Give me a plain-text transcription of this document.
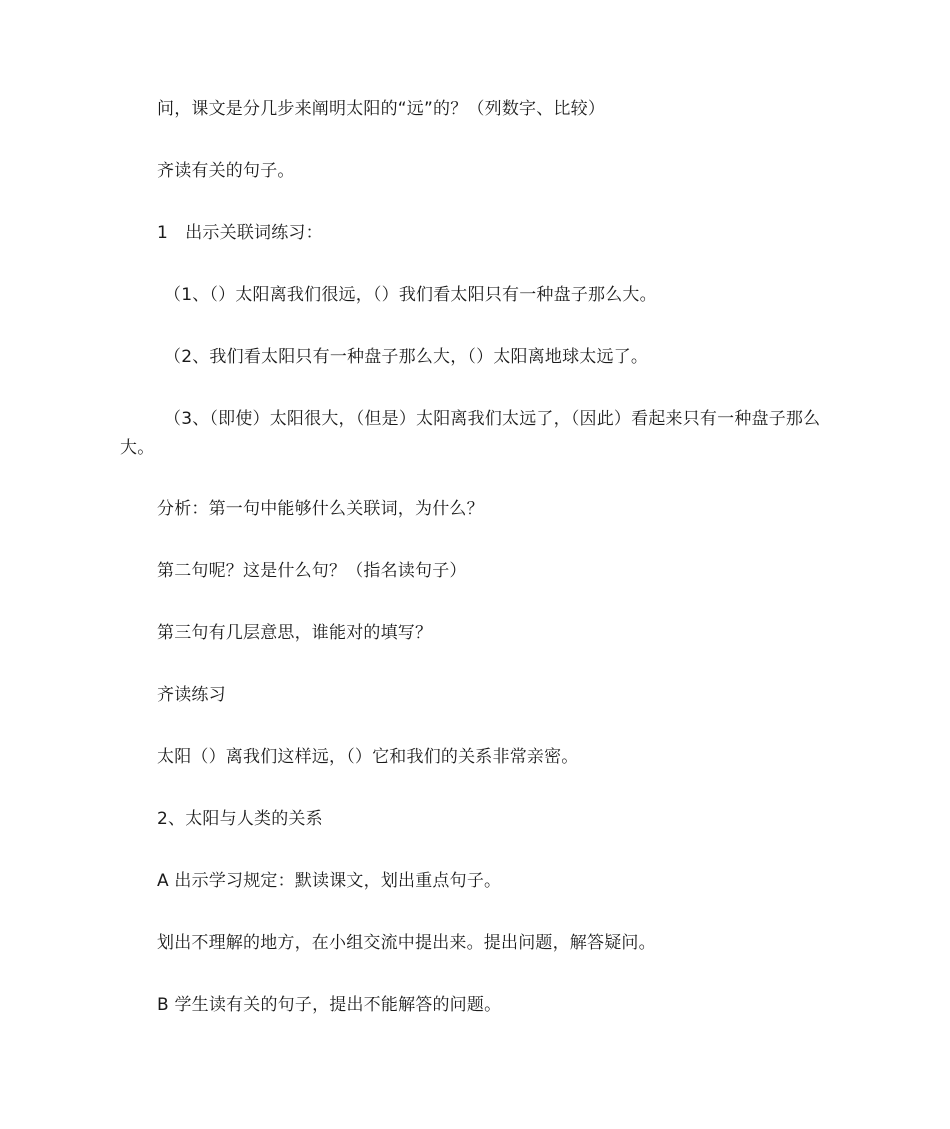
问，课文是分几步来阐明太阳的“远”的？（列数字、比较）

齐读有关的句子。

1　出示关联词练习：

（1、（）太阳离我们很远，（）我们看太阳只有一种盘子那么大。

（2、我们看太阳只有一种盘子那么大，（）太阳离地球太远了。

（3、（即使）太阳很大，（但是）太阳离我们太远了，（因此）看起来只有一种盘子那么大。

分析：第一句中能够什么关联词，为什么？

第二句呢？这是什么句？（指名读句子）

第三句有几层意思，谁能对的填写？

齐读练习

太阳（）离我们这样远，（）它和我们的关系非常亲密。

2、太阳与人类的关系

A 出示学习规定：默读课文，划出重点句子。

划出不理解的地方，在小组交流中提出来。提出问题，解答疑问。

B 学生读有关的句子，提出不能解答的问题。
